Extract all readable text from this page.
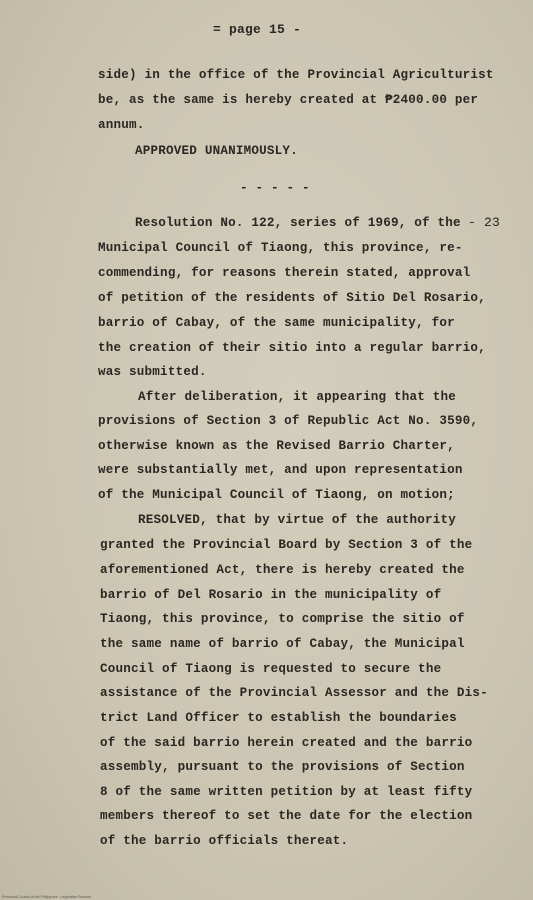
= page 15 -
side) in the office of the Provincial Agriculturist
be, as the same is hereby created at ₱2400.00 per
annum.
APPROVED UNANIMOUSLY.
- - - - -
Resolution No. 122, series of 1969, of the - 23
Municipal Council of Tiaong, this province, re-
commending, for reasons therein stated, approval
of petition of the residents of Sitio Del Rosario,
barrio of Cabay, of the same municipality, for
the creation of their sitio into a regular barrio,
was submitted.
After deliberation, it appearing that the
provisions of Section 3 of Republic Act No. 3590,
otherwise known as the Revised Barrio Charter,
were substantially met, and upon representation
of the Municipal Council of Tiaong, on motion;
RESOLVED, that by virtue of the authority
granted the Provincial Board by Section 3 of the
aforementioned Act, there is hereby created the
barrio of Del Rosario in the municipality of
Tiaong, this province, to comprise the sitio of
the same name of barrio of Cabay, the Municipal
Council of Tiaong is requested to secure the
assistance of the Provincial Assessor and the Dis-
trict Land Officer to establish the boundaries
of the said barrio herein created and the barrio
assembly, pursuant to the provisions of Section
8 of the same written petition by at least fifty
members thereof to set the date for the election
of the barrio officials thereat.
Provincial Council of the Philippines · Legislative Records
